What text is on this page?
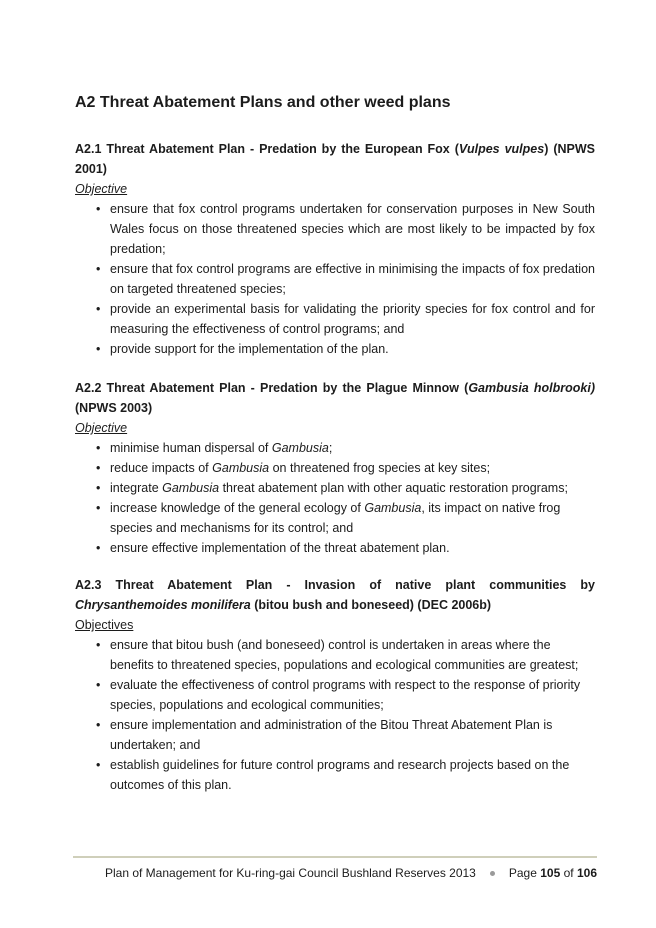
A2 Threat Abatement Plans and other weed plans

A2.1 Threat Abatement Plan - Predation by the European Fox (Vulpes vulpes) (NPWS 2001)

Objective

• ensure that fox control programs undertaken for conservation purposes in New South Wales focus on those threatened species which are most likely to be impacted by fox predation;
• ensure that fox control programs are effective in minimising the impacts of fox predation on targeted threatened species;
• provide an experimental basis for validating the priority species for fox control and for measuring the effectiveness of control programs; and
• provide support for the implementation of the plan.

A2.2 Threat Abatement Plan - Predation by the Plague Minnow (Gambusia holbrooki) (NPWS 2003)

Objective

• minimise human dispersal of Gambusia;
• reduce impacts of Gambusia on threatened frog species at key sites;
• integrate Gambusia threat abatement plan with other aquatic restoration programs;
• increase knowledge of the general ecology of Gambusia, its impact on native frog species and mechanisms for its control; and
• ensure effective implementation of the threat abatement plan.

A2.3 Threat Abatement Plan - Invasion of native plant communities by Chrysanthemoides monilifera (bitou bush and boneseed) (DEC 2006b)

Objectives

• ensure that bitou bush (and boneseed) control is undertaken in areas where the benefits to threatened species, populations and ecological communities are greatest;
• evaluate the effectiveness of control programs with respect to the response of priority species, populations and ecological communities;
• ensure implementation and administration of the Bitou Threat Abatement Plan is undertaken; and
• establish guidelines for future control programs and research projects based on the outcomes of this plan.
Plan of Management for Ku-ring-gai Council Bushland Reserves 2013	Page 105 of 106
